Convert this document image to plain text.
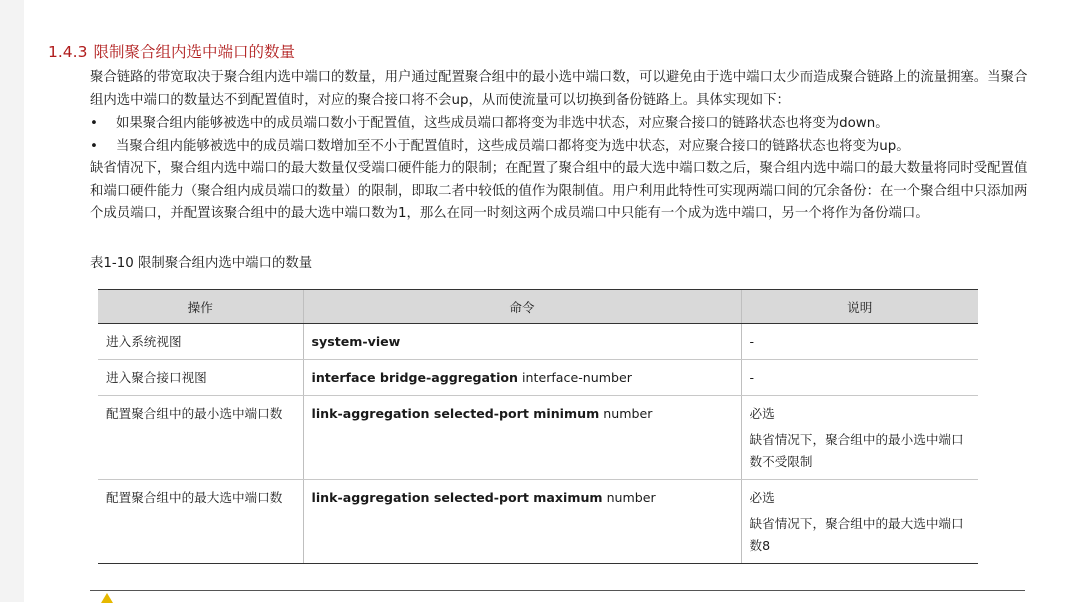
1.4.3 限制聚合组内选中端口的数量

聚合链路的带宽取决于聚合组内选中端口的数量，用户通过配置聚合组中的最小选中端口数，可以避免由于选中端口太少而造成聚合链路上的流量拥塞。当聚合组内选中端口的数量达不到配置值时，对应的聚合接口将不会up，从而使流量可以切换到备份链路上。具体实现如下：

• 如果聚合组内能够被选中的成员端口数小于配置值，这些成员端口都将变为非选中状态，对应聚合接口的链路状态也将变为down。
• 当聚合组内能够被选中的成员端口数增加至不小于配置值时，这些成员端口都将变为选中状态，对应聚合接口的链路状态也将变为up。

缺省情况下，聚合组内选中端口的最大数量仅受端口硬件能力的限制；在配置了聚合组中的最大选中端口数之后，聚合组内选中端口的最大数量将同时受配置值和端口硬件能力（聚合组内成员端口的数量）的限制，即取二者中较低的值作为限制值。用户利用此特性可实现两端口间的冗余备份：在一个聚合组中只添加两个成员端口，并配置该聚合组中的最大选中端口数为1，那么在同一时刻这两个成员端口中只能有一个成为选中端口，另一个将作为备份端口。

表1-10 限制聚合组内选中端口的数量
操作	命令	说明
进入系统视图	system-view	-

进入聚合接口视图	interface bridge-aggregation interface-number	-

配置聚合组中的最小选中端口数	link-aggregation selected-port minimum number	必选

缺省情况下，聚合组中的最小选中端口数不受限制

配置聚合组中的最大选中端口数	link-aggregation selected-port maximum number	必选

缺省情况下，聚合组中的最大选中端口数8
